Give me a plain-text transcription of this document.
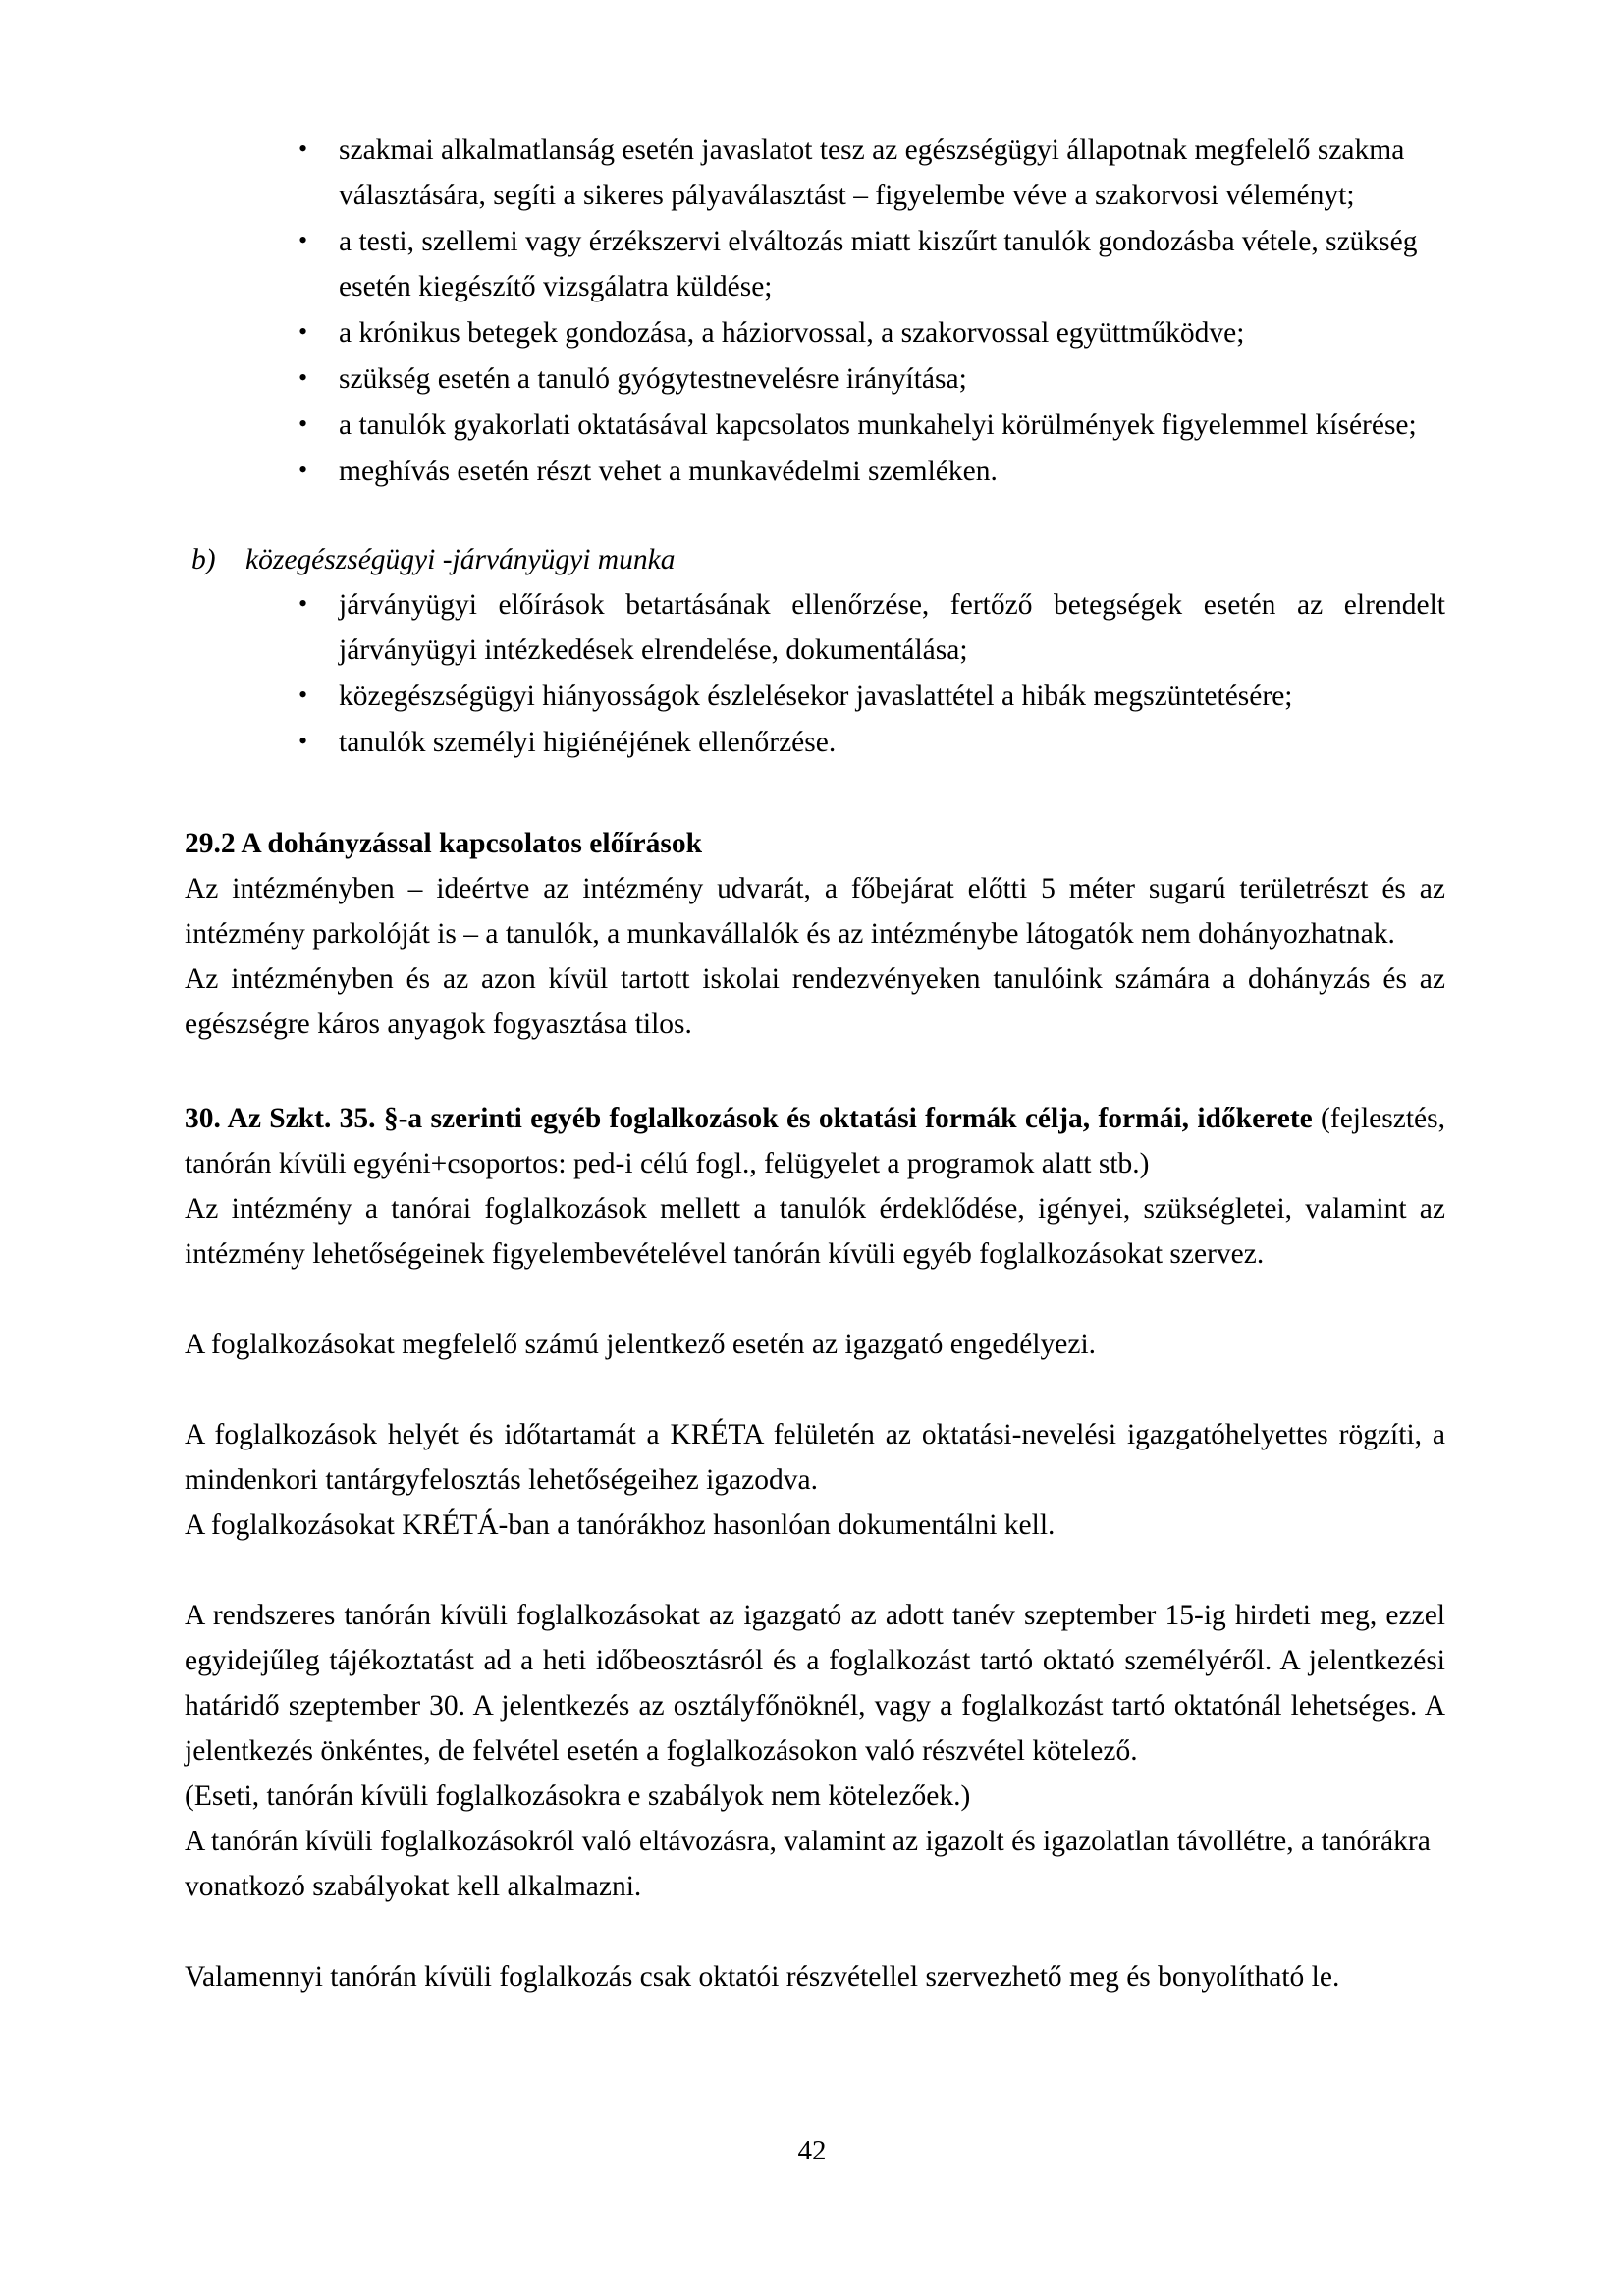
• szakmai alkalmatlanság esetén javaslatot tesz az egészségügyi állapotnak megfelelő szakma választására, segíti a sikeres pályaválasztást – figyelembe véve a szakorvosi véleményt;
• a testi, szellemi vagy érzékszervi elváltozás miatt kiszűrt tanulók gondozásba vétele, szükség esetén kiegészítő vizsgálatra küldése;
• a krónikus betegek gondozása, a háziorvossal, a szakorvossal együttműködve;
• szükség esetén a tanuló gyógytestnevelésre irányítása;
• a tanulók gyakorlati oktatásával kapcsolatos munkahelyi körülmények figyelemmel kísérése;
• meghívás esetén részt vehet a munkavédelmi szemléken.
b) közegészségügyi -járványügyi munka
• járványügyi előírások betartásának ellenőrzése, fertőző betegségek esetén az elrendelt járványügyi intézkedések elrendelése, dokumentálása;
• közegészségügyi hiányosságok észlelésekor javaslattétel a hibák megszüntetésére;
• tanulók személyi higiénéjének ellenőrzése.

29.2 A dohányzással kapcsolatos előírások

Az intézményben – ideértve az intézmény udvarát, a főbejárat előtti 5 méter sugarú területrészt és az intézmény parkolóját is – a tanulók, a munkavállalók és az intézménybe látogatók nem dohányozhatnak.

Az intézményben és az azon kívül tartott iskolai rendezvényeken tanulóink számára a dohányzás és az egészségre káros anyagok fogyasztása tilos.

30. Az Szkt. 35. §-a szerinti egyéb foglalkozások és oktatási formák célja, formái, időkerete (fejlesztés, tanórán kívüli egyéni+csoportos: ped-i célú fogl., felügyelet a programok alatt stb.)

Az intézmény a tanórai foglalkozások mellett a tanulók érdeklődése, igényei, szükségletei, valamint az intézmény lehetőségeinek figyelembevételével tanórán kívüli egyéb foglalkozásokat szervez.

A foglalkozásokat megfelelő számú jelentkező esetén az igazgató engedélyezi.

A foglalkozások helyét és időtartamát a KRÉTA felületén az oktatási-nevelési igazgatóhelyettes rögzíti, a mindenkori tantárgyfelosztás lehetőségeihez igazodva.

A foglalkozásokat KRÉTÁ-ban a tanórákhoz hasonlóan dokumentálni kell.

A rendszeres tanórán kívüli foglalkozásokat az igazgató az adott tanév szeptember 15-ig hirdeti meg, ezzel egyidejűleg tájékoztatást ad a heti időbeosztásról és a foglalkozást tartó oktató személyéről. A jelentkezési határidő szeptember 30. A jelentkezés az osztályfőnöknél, vagy a foglalkozást tartó oktatónál lehetséges. A jelentkezés önkéntes, de felvétel esetén a foglalkozásokon való részvétel kötelező.

(Eseti, tanórán kívüli foglalkozásokra e szabályok nem kötelezőek.)

A tanórán kívüli foglalkozásokról való eltávozásra, valamint az igazolt és igazolatlan távollétre, a tanórákra vonatkozó szabályokat kell alkalmazni.

Valamennyi tanórán kívüli foglalkozás csak oktatói részvétellel szervezhető meg és bonyolítható le.

42
